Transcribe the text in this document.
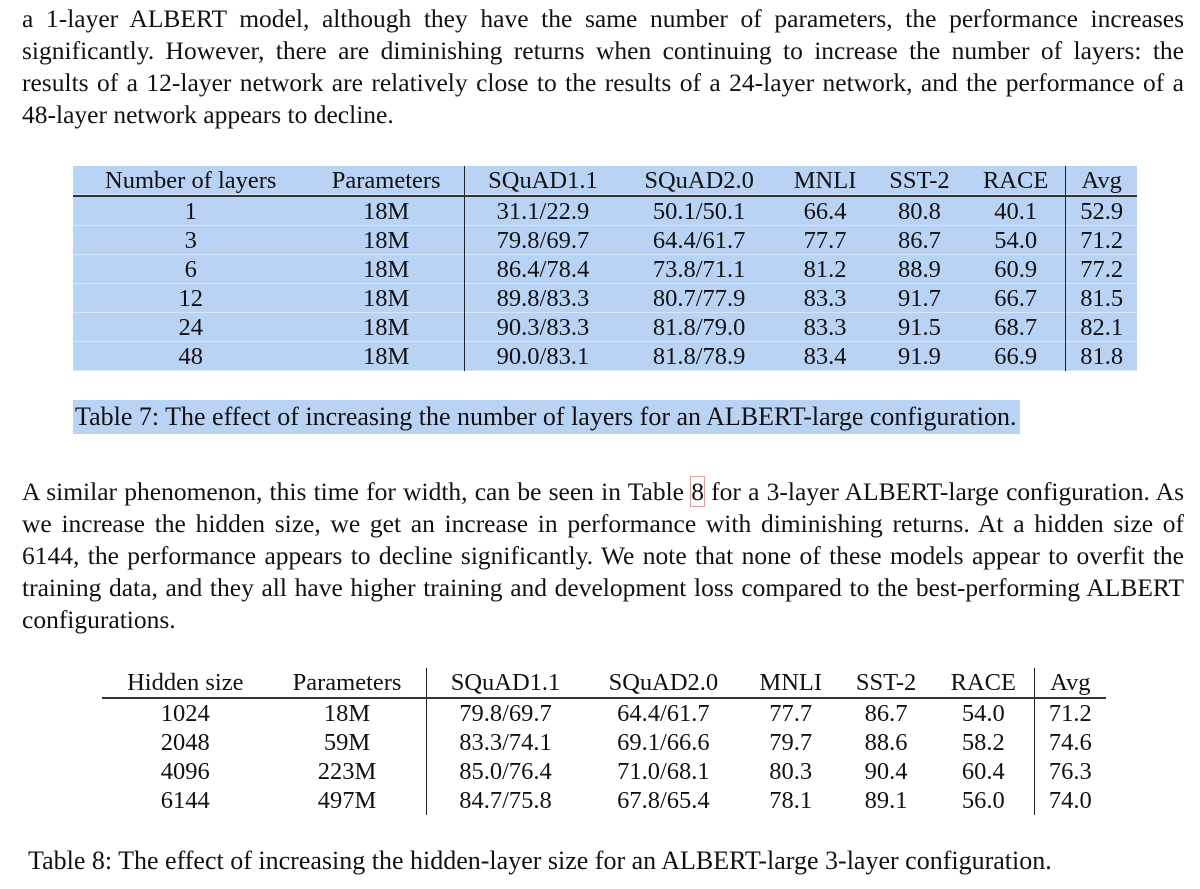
a 1-layer ALBERT model, although they have the same number of parameters, the performance increases significantly. However, there are diminishing returns when continuing to increase the number of layers: the results of a 12-layer network are relatively close to the results of a 24-layer network, and the performance of a 48-layer network appears to decline.

Number of layers	Parameters	SQuAD1.1	SQuAD2.0	MNLI	SST-2	RACE	Avg
1	18M	31.1/22.9	50.1/50.1	66.4	80.8	40.1	52.9
3	18M	79.8/69.7	64.4/61.7	77.7	86.7	54.0	71.2
6	18M	86.4/78.4	73.8/71.1	81.2	88.9	60.9	77.2
12	18M	89.8/83.3	80.7/77.9	83.3	91.7	66.7	81.5
24	18M	90.3/83.3	81.8/79.0	83.3	91.5	68.7	82.1
48	18M	90.0/83.1	81.8/78.9	83.4	91.9	66.9	81.8

Table 7: The effect of increasing the number of layers for an ALBERT-large configuration.

A similar phenomenon, this time for width, can be seen in Table 8 for a 3-layer ALBERT-large configuration. As we increase the hidden size, we get an increase in performance with diminishing returns. At a hidden size of 6144, the performance appears to decline significantly. We note that none of these models appear to overfit the training data, and they all have higher training and development loss compared to the best-performing ALBERT configurations.

Hidden size	Parameters	SQuAD1.1	SQuAD2.0	MNLI	SST-2	RACE	Avg
1024	18M	79.8/69.7	64.4/61.7	77.7	86.7	54.0	71.2
2048	59M	83.3/74.1	69.1/66.6	79.7	88.6	58.2	74.6
4096	223M	85.0/76.4	71.0/68.1	80.3	90.4	60.4	76.3
6144	497M	84.7/75.8	67.8/65.4	78.1	89.1	56.0	74.0

Table 8: The effect of increasing the hidden-layer size for an ALBERT-large 3-layer configuration.
